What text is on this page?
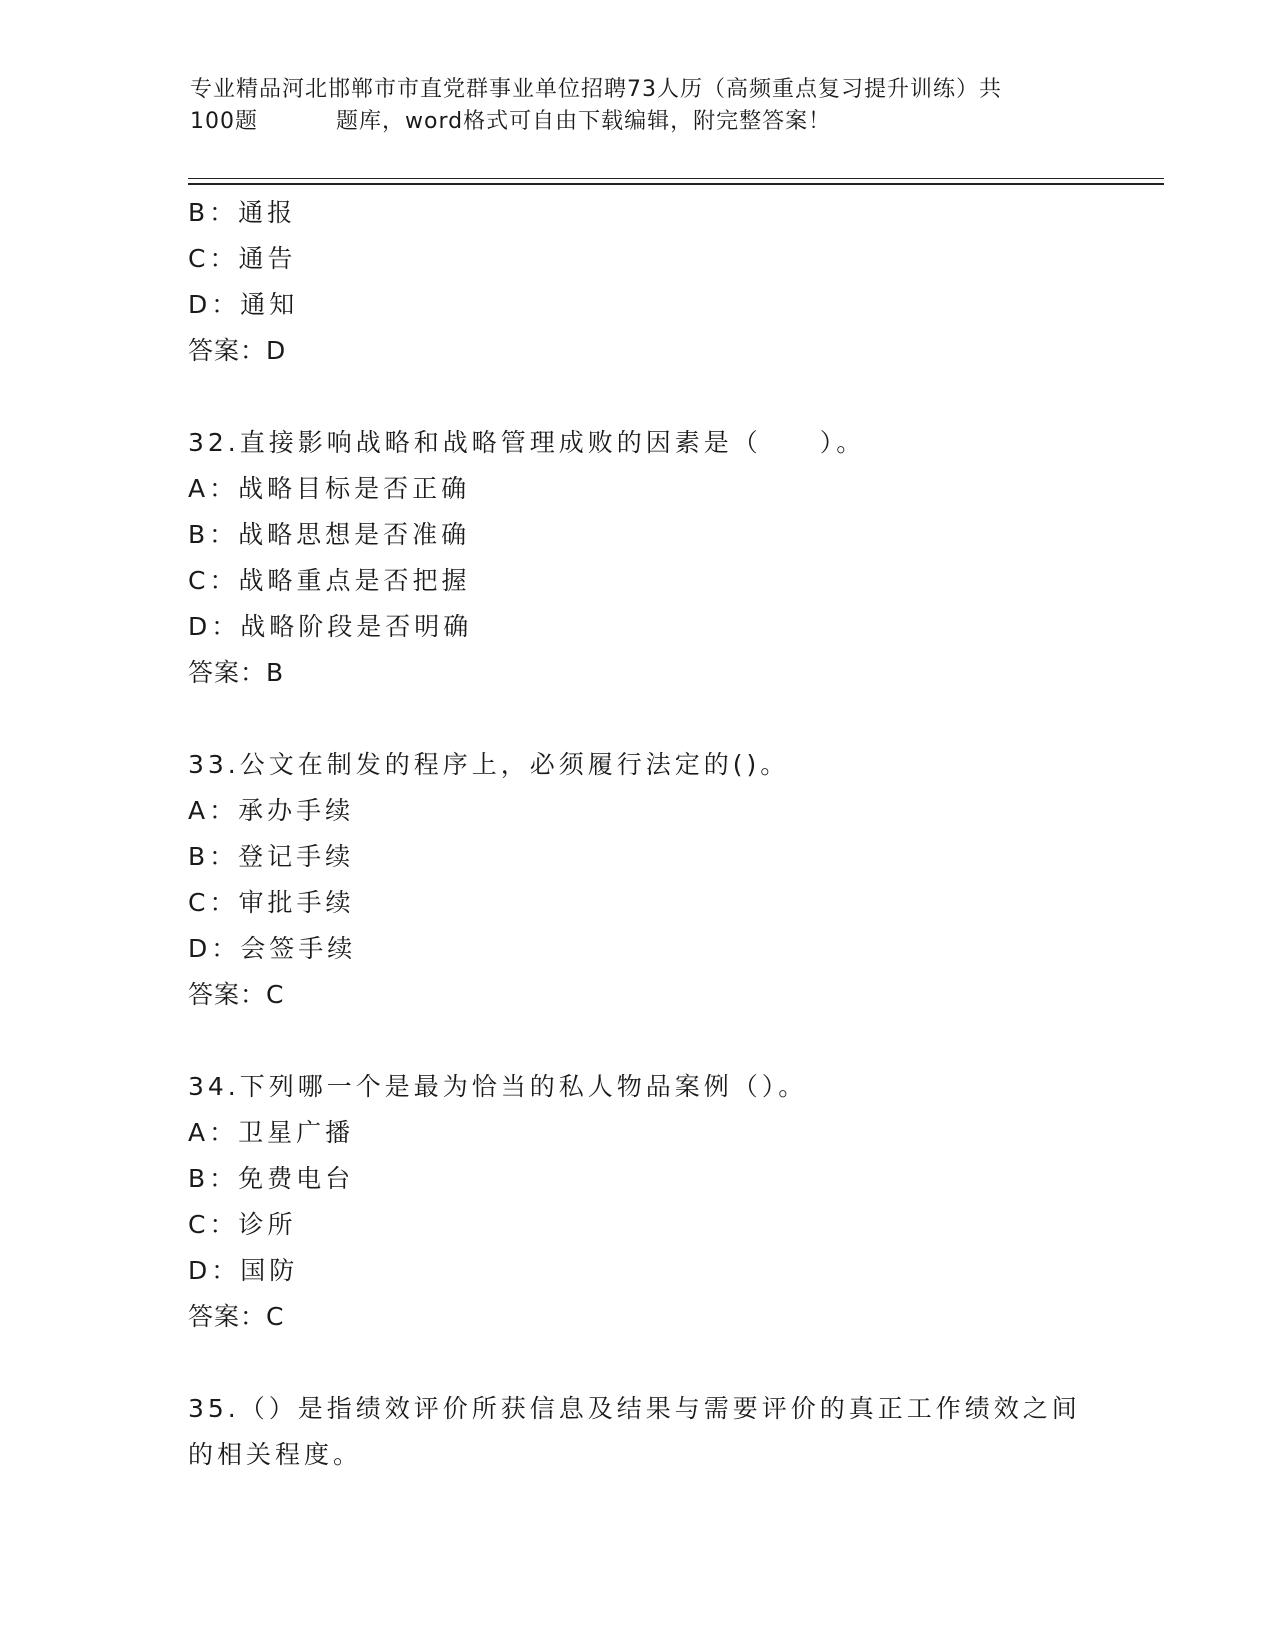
专业精品河北邯郸市市直党群事业单位招聘73人历（高频重点复习提升训练）共
100题	题库，word格式可自由下载编辑，附完整答案！
B：通报
C：通告
D：通知
答案：D
32.直接影响战略和战略管理成败的因素是（　　）。
A：战略目标是否正确
B：战略思想是否准确
C：战略重点是否把握
D：战略阶段是否明确
答案：B
33.公文在制发的程序上，必须履行法定的()。
A：承办手续
B：登记手续
C：审批手续
D：会签手续
答案：C
34.下列哪一个是最为恰当的私人物品案例（）。
A：卫星广播
B：免费电台
C：诊所
D：国防
答案：C
35.（）是指绩效评价所获信息及结果与需要评价的真正工作绩效之间
的相关程度。
